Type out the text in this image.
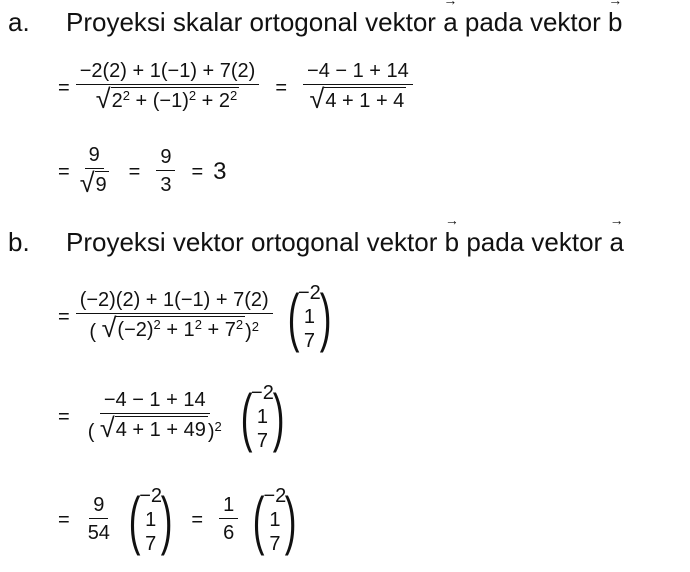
a.	Proyeksi skalar ortogonal vektor
→ a
pada vektor
→ b
= $\frac{-2(2) + 1(-1) + 7(2)}{√ 2^2 + (-1)^2 + 2^2} = \frac{-4 - 1 + 14}{√ 4 + 1 + 4}$
= $\frac{9}{√ 9} = \frac{9}{3} = 3$
b.	Proyeksi vektor ortogonal vektor
→ b
pada vektor
→ a
=
(−2)(2) + 1(−1) + 7(2)
( √ $(-2)^2 + 1^2 + 7^2$ )$^2$ (
−2
1
7 )
= $\frac{-4 - 1 + 14}{( √ 4 + 1 + 49 )^2}$ (
−2
1
7 )
= $\frac{9}{54}$ (
−2
1
7 ) = $\frac{1}{6}$ (
−2
1
7 )
